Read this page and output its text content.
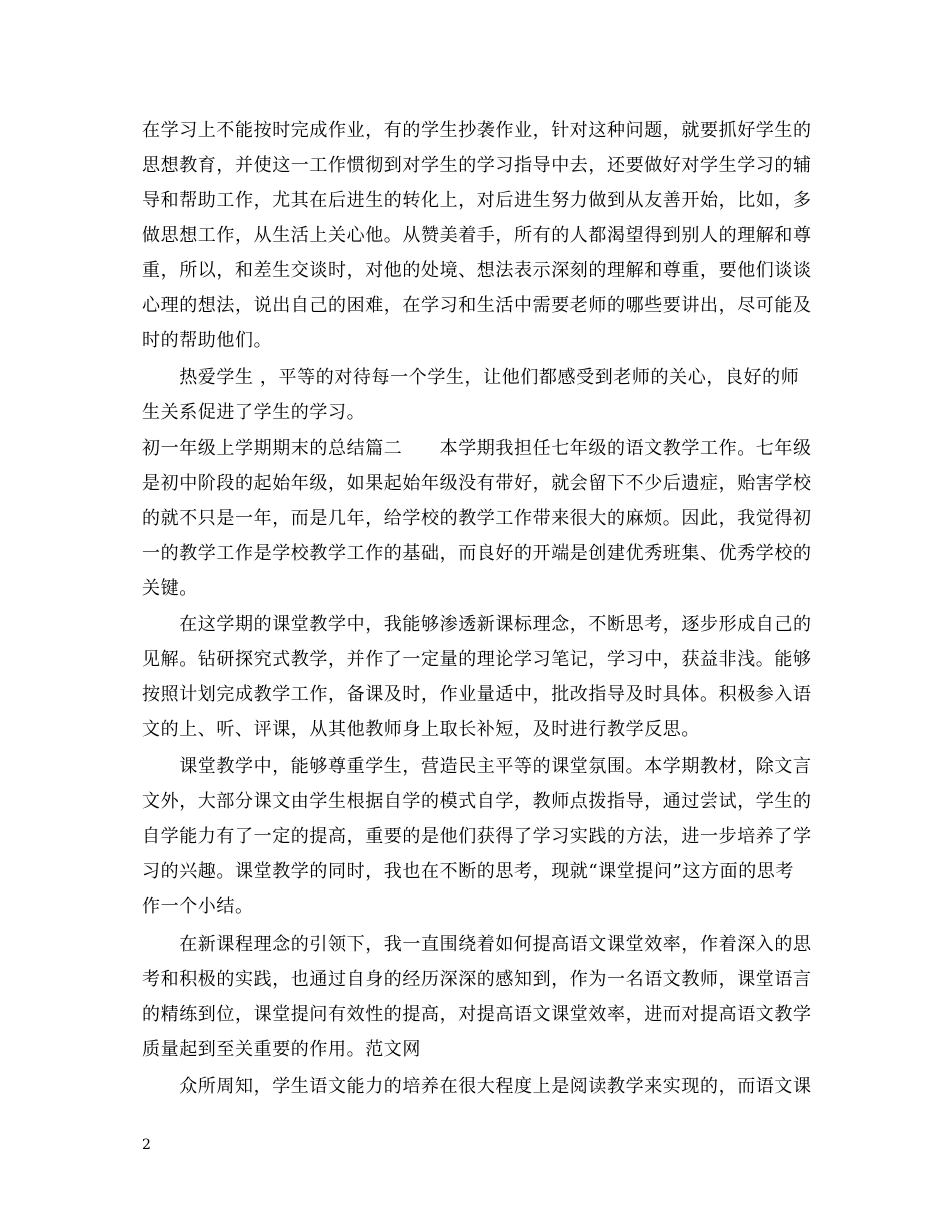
在学习上不能按时完成作业，有的学生抄袭作业，针对这种问题，就要抓好学生的
思想教育，并使这一工作惯彻到对学生的学习指导中去，还要做好对学生学习的辅
导和帮助工作，尤其在后进生的转化上，对后进生努力做到从友善开始，比如，多
做思想工作，从生活上关心他。从赞美着手，所有的人都渴望得到别人的理解和尊
重，所以，和差生交谈时，对他的处境、想法表示深刻的理解和尊重，要他们谈谈
心理的想法，说出自己的困难，在学习和生活中需要老师的哪些要讲出，尽可能及
时的帮助他们。
　　热爱学生 ，平等的对待每一个学生，让他们都感受到老师的关心，良好的师
生关系促进了学生的学习。
初一年级上学期期末的总结篇二　　本学期我担任七年级的语文教学工作。七年级
是初中阶段的起始年级，如果起始年级没有带好，就会留下不少后遗症，贻害学校
的就不只是一年，而是几年，给学校的教学工作带来很大的麻烦。因此，我觉得初
一的教学工作是学校教学工作的基础，而良好的开端是创建优秀班集、优秀学校的
关键。
　　在这学期的课堂教学中，我能够渗透新课标理念，不断思考，逐步形成自己的
见解。钻研探究式教学，并作了一定量的理论学习笔记，学习中，获益非浅。能够
按照计划完成教学工作，备课及时，作业量适中，批改指导及时具体。积极参入语
文的上、听、评课，从其他教师身上取长补短，及时进行教学反思。
　　课堂教学中，能够尊重学生，营造民主平等的课堂氛围。本学期教材，除文言
文外，大部分课文由学生根据自学的模式自学，教师点拨指导，通过尝试，学生的
自学能力有了一定的提高，重要的是他们获得了学习实践的方法，进一步培养了学
习的兴趣。课堂教学的同时，我也在不断的思考，现就“课堂提问”这方面的思考
作一个小结。
　　在新课程理念的引领下，我一直围绕着如何提高语文课堂效率，作着深入的思
考和积极的实践，也通过自身的经历深深的感知到，作为一名语文教师，课堂语言
的精练到位，课堂提问有效性的提高，对提高语文课堂效率，进而对提高语文教学
质量起到至关重要的作用。范文网
　　众所周知，学生语文能力的培养在很大程度上是阅读教学来实现的，而语文课
2
